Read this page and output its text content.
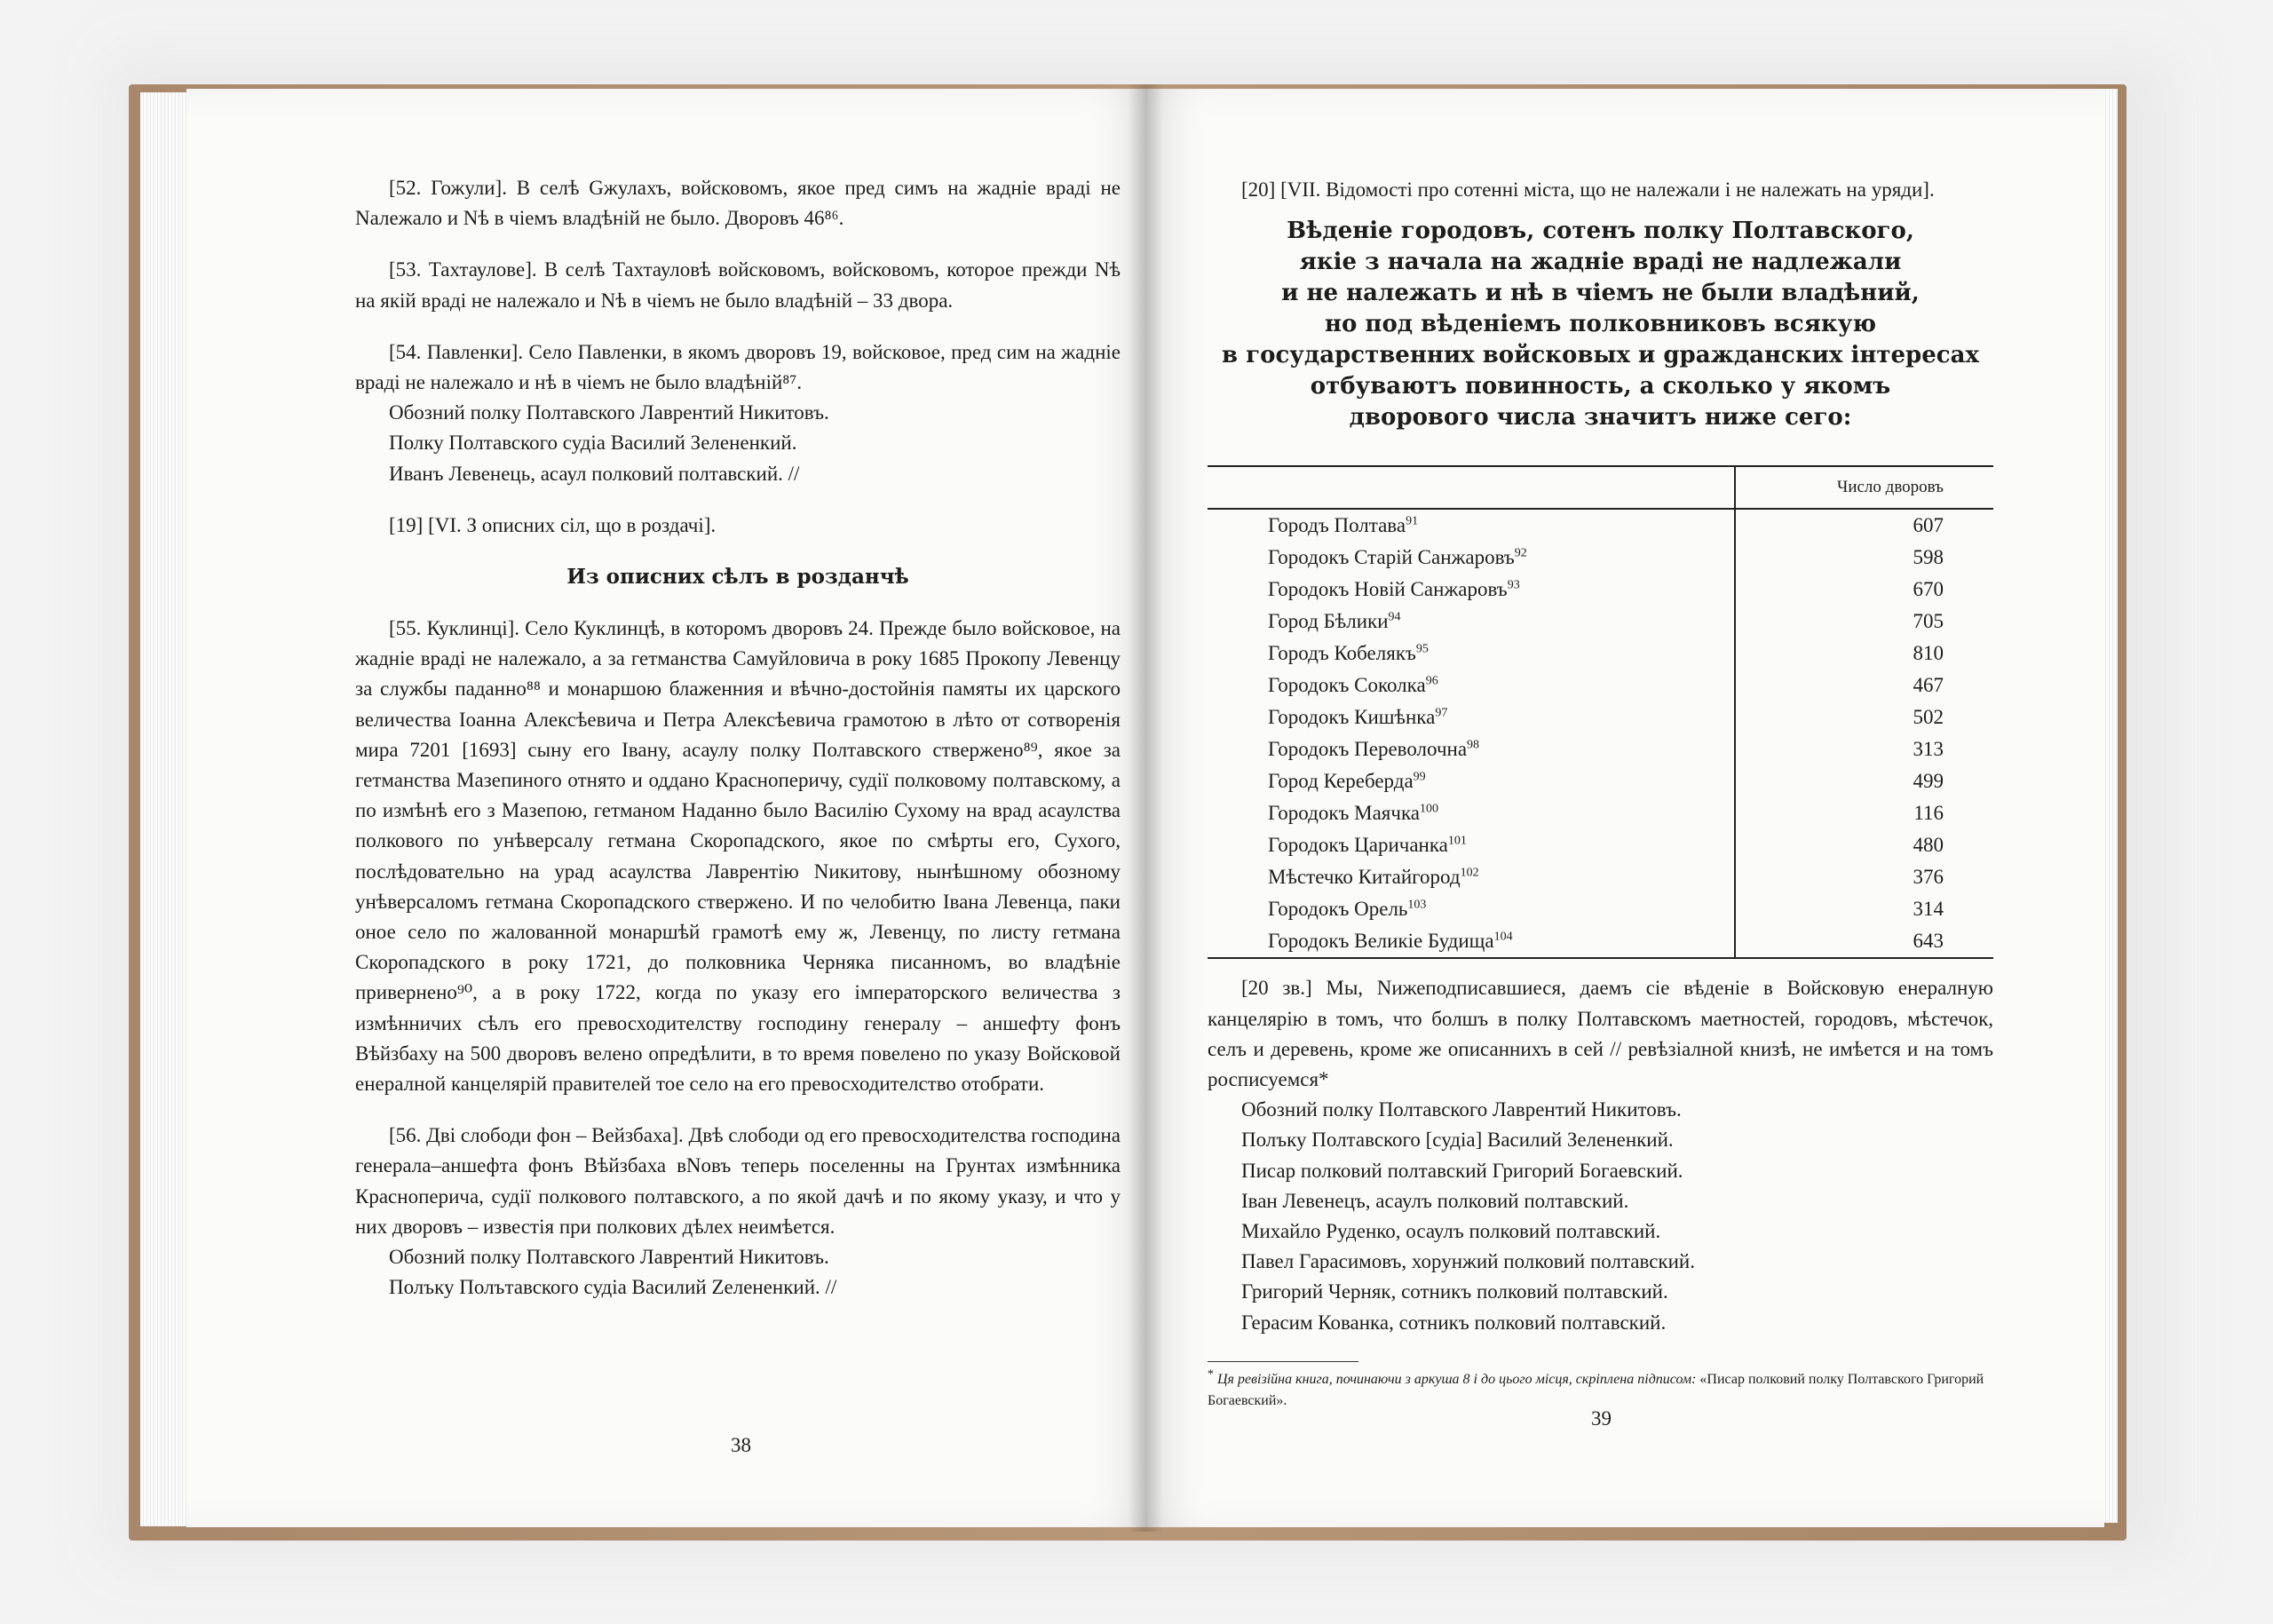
[52. Гожули]. В селѣ Gжулахъ, войсковомъ, якое пред симъ на жадніе враді не Nалежало и Nѣ в чіемъ владѣній не было. Дворовъ 46⁸⁶.

[53. Тахтаулове]. В селѣ Тахтауловѣ войсковомъ, войсковомъ, которое прежди Nѣ на якій враді не належало и Nѣ в чіемъ не было владѣній – 33 двора.

[54. Павленки]. Село Павленки, в якомъ дворовъ 19, войсковое, пред сим на жадніе враді не належало и нѣ в чіемъ не было владѣній⁸⁷.

Обозний полку Полтавского Лаврентий Никитовъ.

Полку Полтавского судіа Василий Зелененкий.

Иванъ Левенець, асаул полковий полтавский. //

[19] [VI. З описних сіл, що в роздачі].

Из описних сѣлъ в розданчѣ

[55. Куклинці]. Село Куклинцѣ, в которомъ дворовъ 24. Прежде было войсковое, на жадніе враді не належало, а за гетманства Самуйловича в року 1685 Прокопу Левенцу за службы паданно⁸⁸ и монаршою блаженния и вѣчно-достойнія памяты их царского величества Іоанна Алексѣевича и Петра Алексѣевича грамотою в лѣто от сотворенія мира 7201 [1693] сыну его Івану, асаулу полку Полтавского ствержено⁸⁹, якое за гетманства Мазепиного отнято и оддано Красноперичу, судії полковому полтавскому, а по измѣнѣ его з Мазепою, гетманом Наданно было Василію Сухому на врад асаулства полкового по унѣверсалу гетмана Скоропадского, якое по смѣрты его, Сухого, послѣдовательно на урад асаулства Лаврентію Nикитову, нынѣшному обозному унѣверсаломъ гетмана Скоропадского ствержено. И по челобитю Івана Левенца, паки оное село по жалованной монаршѣй грамотѣ ему ж, Левенцу, по листу гетмана Скоропадского в року 1721, до полковника Черняка писанномъ, во владѣніе привернено⁹⁰, а в року 1722, когда по указу его імператорского величества з измѣнничих сѣлъ его превосходителству господину генералу – аншефту фонъ Вѣйзбаху на 500 дворовъ велено опредѣлити, в то время повелено по указу Войсковой енералной канцелярій правителей тое село на его превосходителство отобрати.

[56. Дві слободи фон – Вейзбаха]. Двѣ слободи од его превосходителства господина генерала–аншефта фонъ Вѣйзбаха вNовъ теперь поселенны на Грунтах измѣнника Красноперича, судії полкового полтавского, а по якой дачѣ и по якому указу, и что у них дворовъ – известія при полкових дѣлех неимѣется.

Обозний полку Полтавского Лаврентий Никитовъ.

Полъку Полътавского судіа Василий Zелененкий. //

38

[20] [VII. Відомості про сотенні міста, що не належали і не належать на уряди].

Вѣденіе городовъ, сотенъ полку Полтавского,

якіе з начала на жадніе враді не надлежали

и не належать и нѣ в чіемъ не были владѣний,

но под вѣденіемъ полковниковъ всякую

в государственних войсковых и gражданских інтересах

отбуваютъ повинность, а сколько у якомъ

дворового числа значитъ ниже сего:

	Число дворовъ
Городъ Полтава$^{91}$	607
Городокъ Старій Санжаровъ$^{92}$	598
Городокъ Новій Санжаровъ$^{93}$	670
Город Бѣлики$^{94}$	705
Городъ Кобелякъ$^{95}$	810
Городокъ Соколка$^{96}$	467
Городокъ Кишѣнка$^{97}$	502
Городокъ Переволочна$^{98}$	313
Город Кереберда$^{99}$	499
Городокъ Маячка$^{100}$	116
Городокъ Царичанка$^{101}$	480
Мѣстечко Китайгород$^{102}$	376
Городокъ Орель$^{103}$	314
Городокъ Великіе Будища$^{104}$	643

[20 зв.] Мы, Nижеподписавшиеся, даемъ сіе вѣденіе в Войсковую енералную канцелярію в томъ, что болшъ в полку Полтавскомъ маетностей, городовъ, мѣстечок, селъ и деревень, кроме же описаннихъ в сей // ревѣзіалной книзѣ, не имѣется и на томъ росписуемся*

Обозний полку Полтавского Лаврентий Никитовъ.

Полъку Полтавского [судіа] Василий Зелененкий.

Писар полковий полтавский Григорий Богаевский.

Іван Левенецъ, асаулъ полковий полтавский.

Михайло Руденко, осаулъ полковий полтавский.

Павел Гарасимовъ, хорунжий полковий полтавский.

Григорий Черняк, сотникъ полковий полтавский.

Герасим Кованка, сотникъ полковий полтавский.

* Ця ревізійна книга, починаючи з аркуша 8 і до цього місця, скріплена підписом: «Писар полковий полку Полтавского Григорий Богаевский».

39
